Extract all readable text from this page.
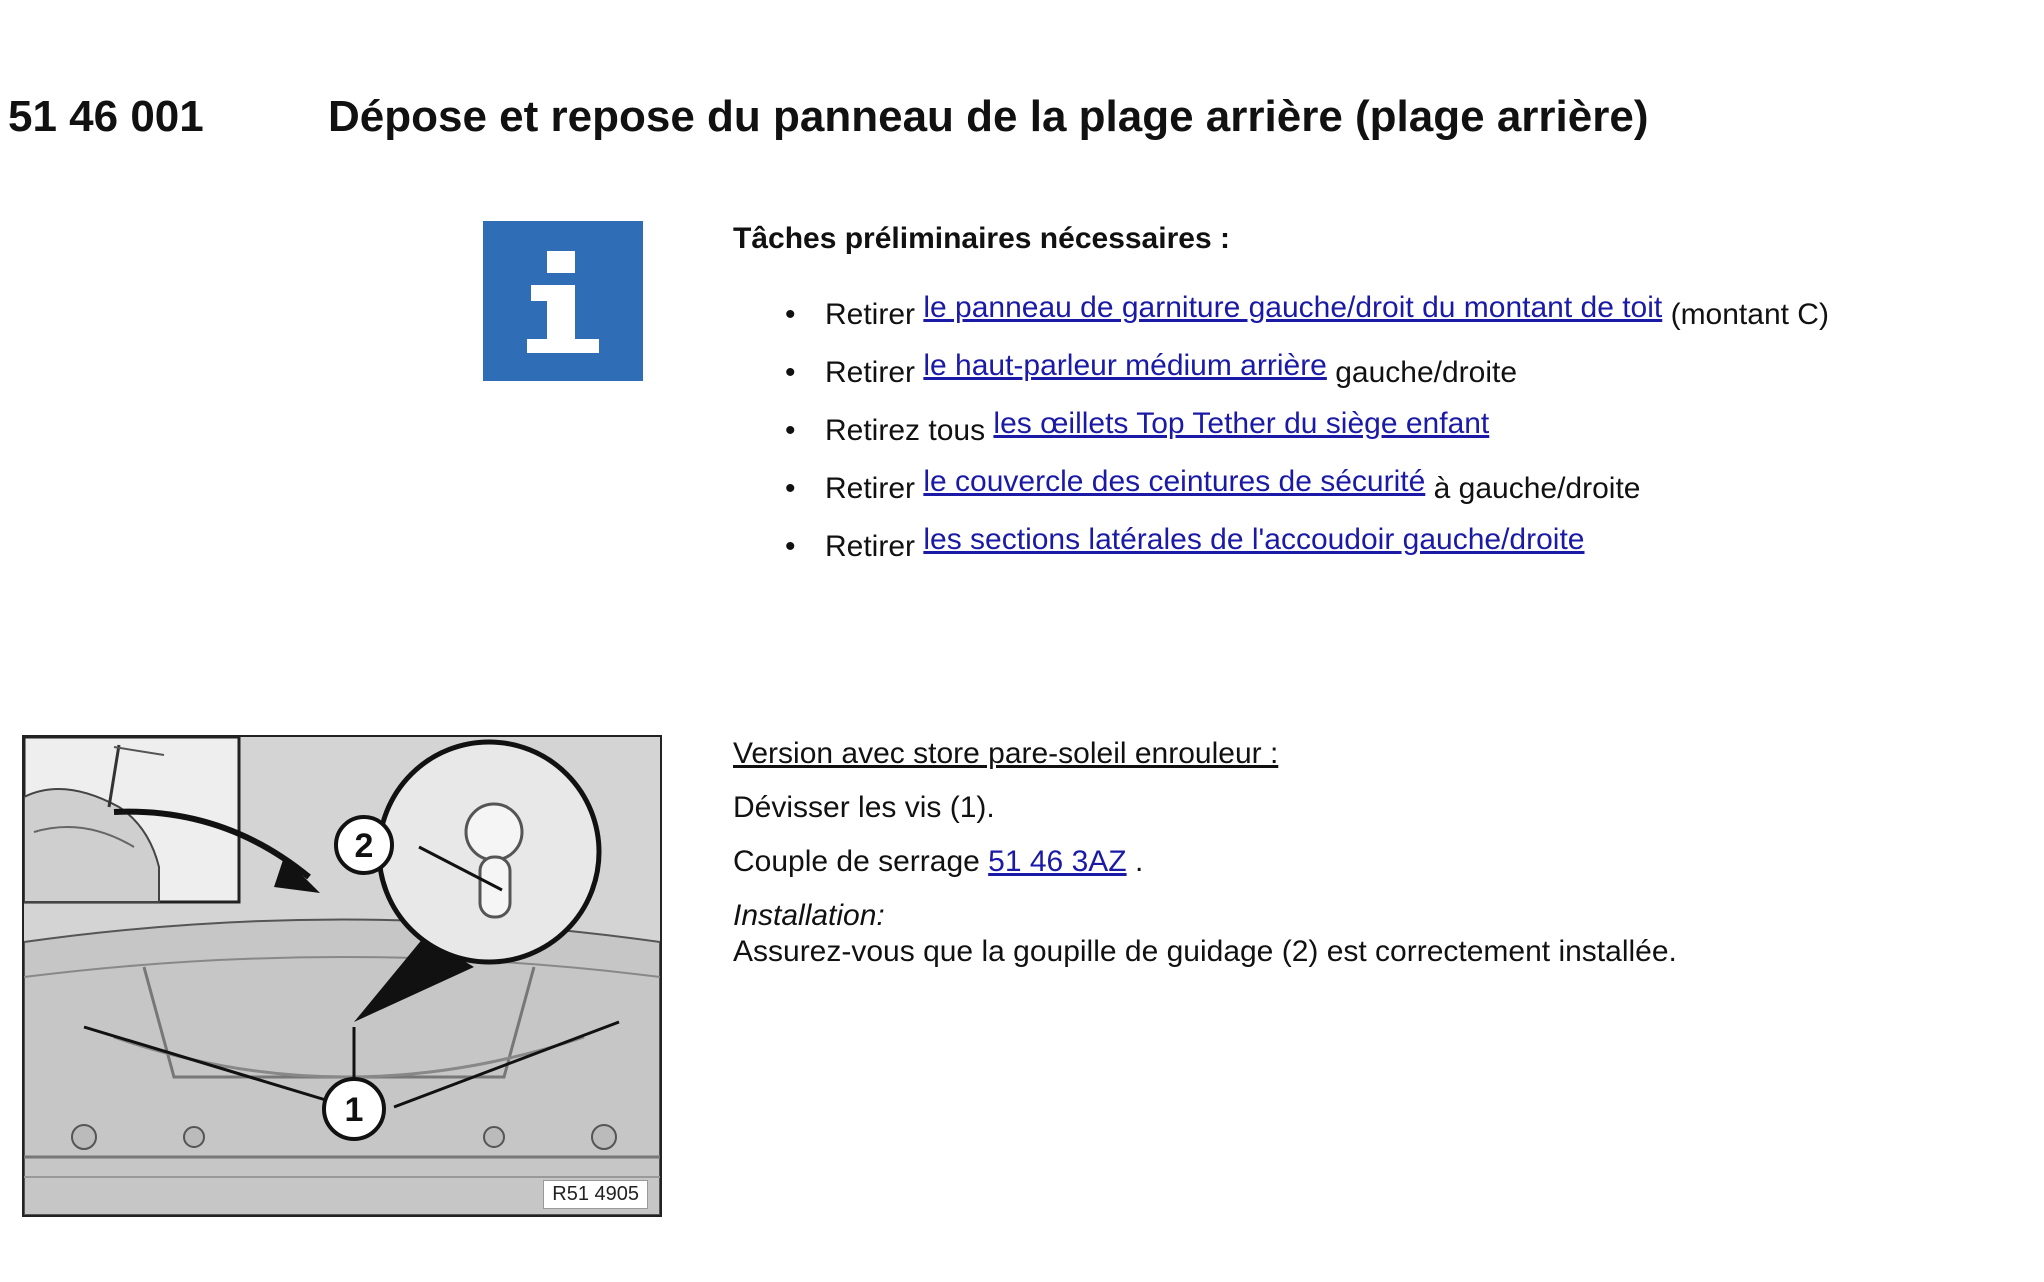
51 46 001	Dépose et repose du panneau de la plage arrière (plage arrière)
Tâches préliminaires nécessaires :
• Retirer le panneau de garniture gauche/droit du montant de toit (montant C)
• Retirer le haut-parleur médium arrière gauche/droite
• Retirez tous les œillets Top Tether du siège enfant
• Retirer le couvercle des ceintures de sécurité à gauche/droite
• Retirer les sections latérales de l'accoudoir gauche/droite
1
2
R51 4905

Version avec store pare-soleil enrouleur :

Dévisser les vis (1).

Couple de serrage 51 46 3AZ .

Installation:

Assurez-vous que la goupille de guidage (2) est correctement installée.
